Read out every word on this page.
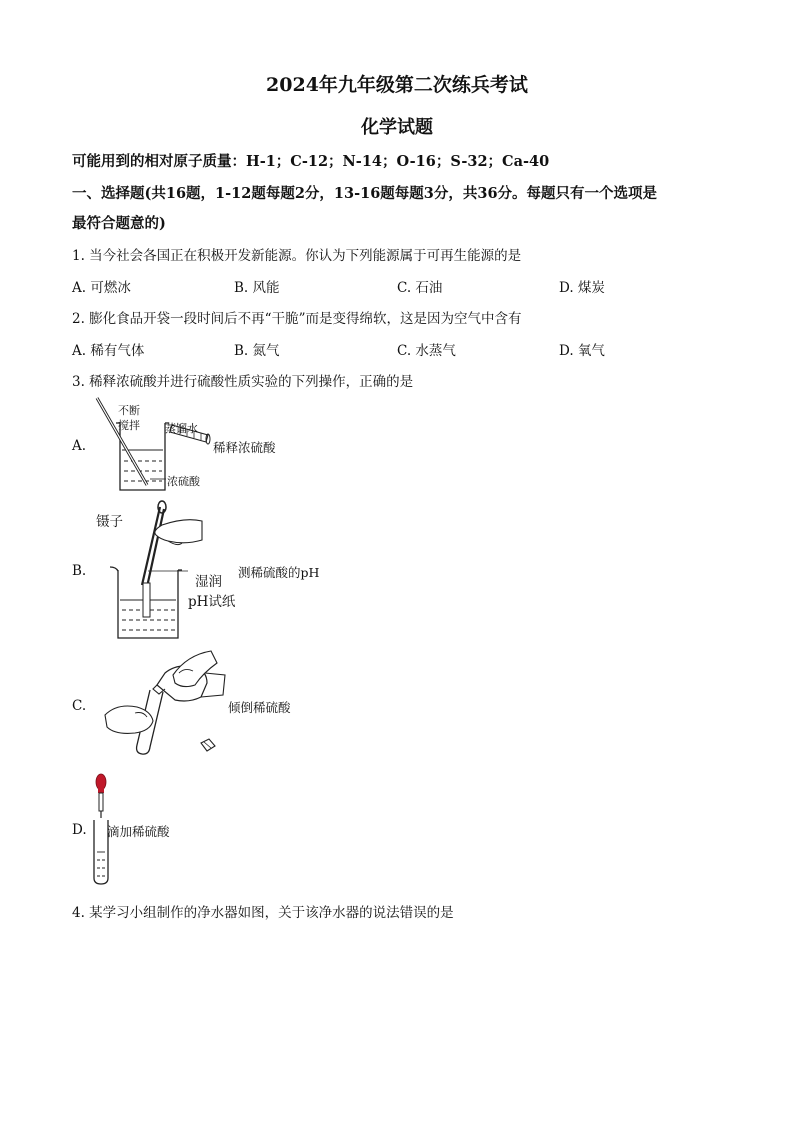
2024年九年级第二次练兵考试
化学试题
可能用到的相对原子质量：H-1；C-12；N-14；O-16；S-32；Ca-40
一、选择题(共16题，1-12题每题2分，13-16题每题3分，共36分。每题只有一个选项是
最符合题意的)
1. 当今社会各国正在积极开发新能源。你认为下列能源属于可再生能源的是
A. 可燃冰	B. 风能	C. 石油	D. 煤炭
2. 膨化食品开袋一段时间后不再“干脆”而是变得绵软，这是因为空气中含有
A. 稀有气体	B. 氮气	C. 水蒸气	D. 氧气
3. 稀释浓硫酸并进行硫酸性质实验的下列操作，正确的是
A.
不断
搅拌 蒸馏水
稀释浓硫酸
浓硫酸
B.
镊子
湿润
pH试纸
测稀硫酸的pH
C.	倾倒稀硫酸
D. 滴加稀硫酸
4. 某学习小组制作的净水器如图，关于该净水器的说法错误的是
